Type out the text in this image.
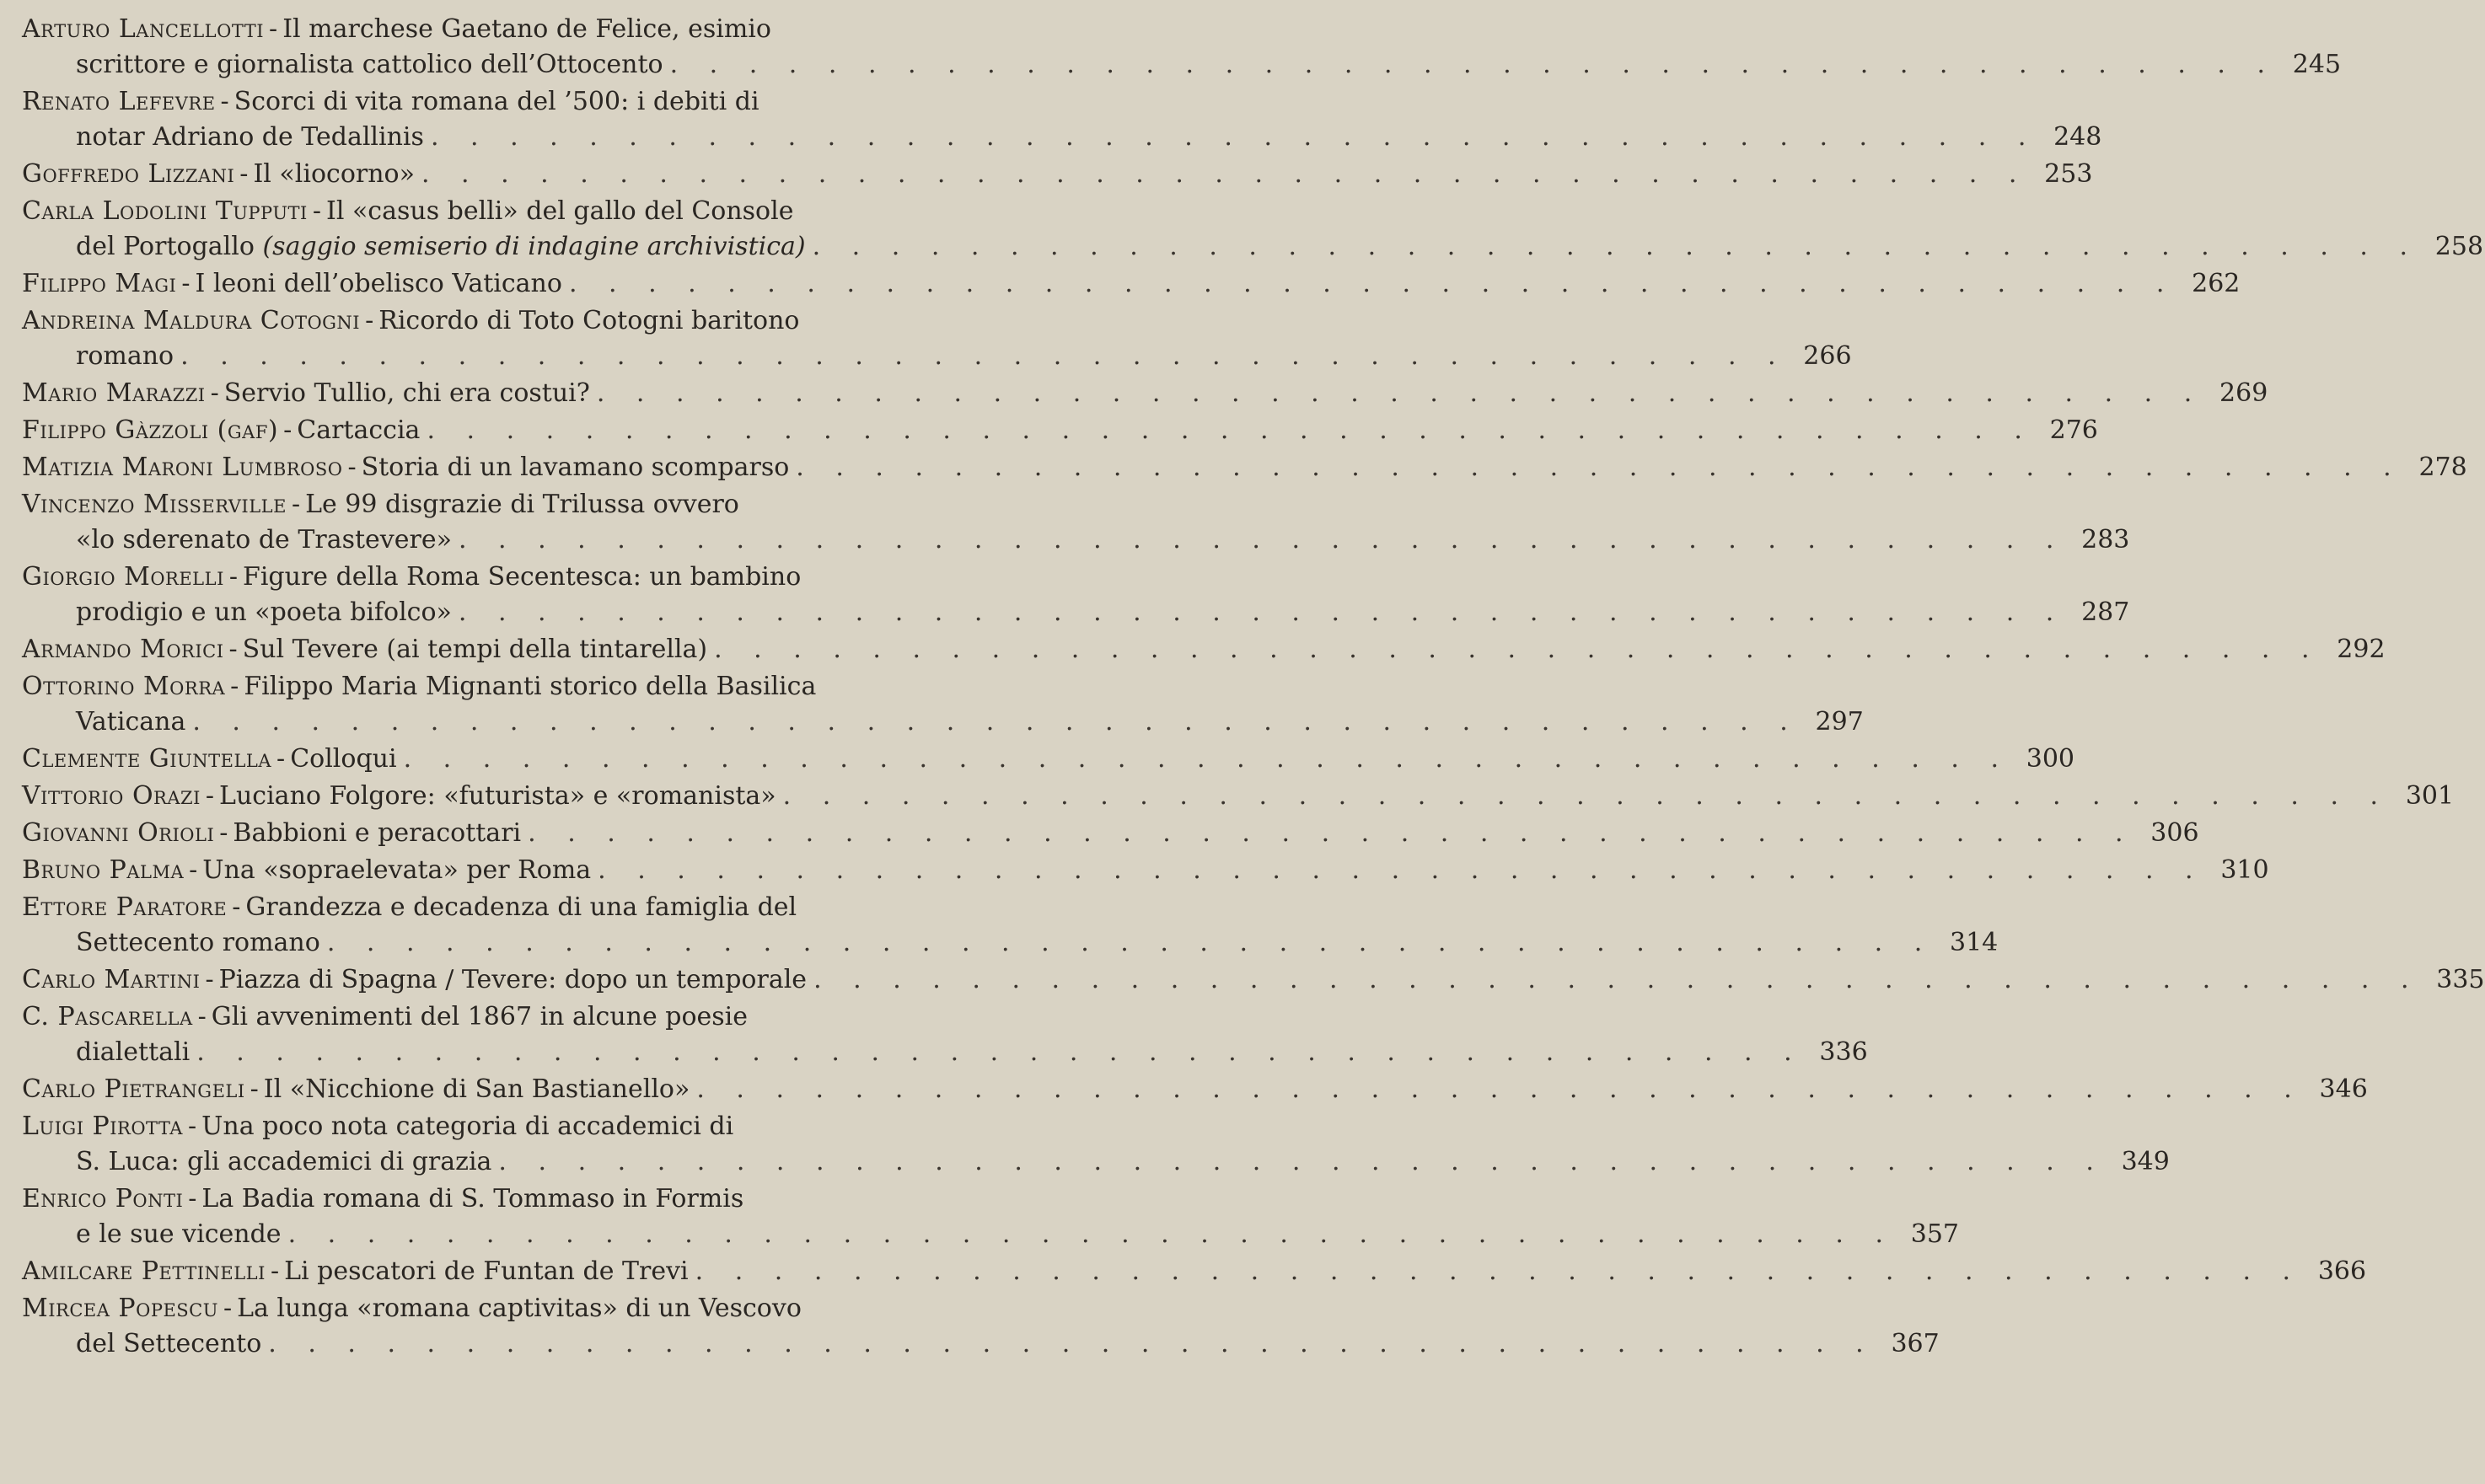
Arturo Lancellotti - Il marchese Gaetano de Felice, esimio
scrittore e giornalista cattolico dell’Ottocento . . .	245
Renato Lefevre - Scorci di vita romana del ’500: i debiti di
notar Adriano de Tedallinis . . .	248
Goffredo Lizzani - Il «liocorno» . . .	253
Carla Lodolini Tupputi - Il «casus belli» del gallo del Console
del Portogallo (saggio semiserio di indagine archivistica) . . .	258
Filippo Magi - I leoni dell’obelisco Vaticano . . .	262
Andreina Maldura Cotogni - Ricordo di Toto Cotogni baritono
romano . . .	266
Mario Marazzi - Servio Tullio, chi era costui? . . .	269
Filippo Gàzzoli (gaf) - Cartaccia . . .	276
Matizia Maroni Lumbroso - Storia di un lavamano scomparso . . .	278
Vincenzo Misserville - Le 99 disgrazie di Trilussa ovvero
«lo sderenato de Trastevere» . . .	283
Giorgio Morelli - Figure della Roma Secentesca: un bambino
prodigio e un «poeta bifolco» . . .	287
Armando Morici - Sul Tevere (ai tempi della tintarella) . . .	292
Ottorino Morra - Filippo Maria Mignanti storico della Basilica
Vaticana . . .	297
Clemente Giuntella - Colloqui . . .	300
Vittorio Orazi - Luciano Folgore: «futurista» e «romanista» . . .	301
Giovanni Orioli - Babbioni e peracottari . . .	306
Bruno Palma - Una «sopraelevata» per Roma . . .	310
Ettore Paratore - Grandezza e decadenza di una famiglia del
Settecento romano . . .	314
Carlo Martini - Piazza di Spagna / Tevere: dopo un temporale . . .	335
C. Pascarella - Gli avvenimenti del 1867 in alcune poesie
dialettali . . .	336
Carlo Pietrangeli - Il «Nicchione di San Bastianello» . . .	346
Luigi Pirotta - Una poco nota categoria di accademici di
S. Luca: gli accademici di grazia . . .	349
Enrico Ponti - La Badia romana di S. Tommaso in Formis
e le sue vicende . . .	357
Amilcare Pettinelli - Li pescatori de Funtan de Trevi . . .	366
Mircea Popescu - La lunga «romana captivitas» di un Vescovo
del Settecento . . .	367
